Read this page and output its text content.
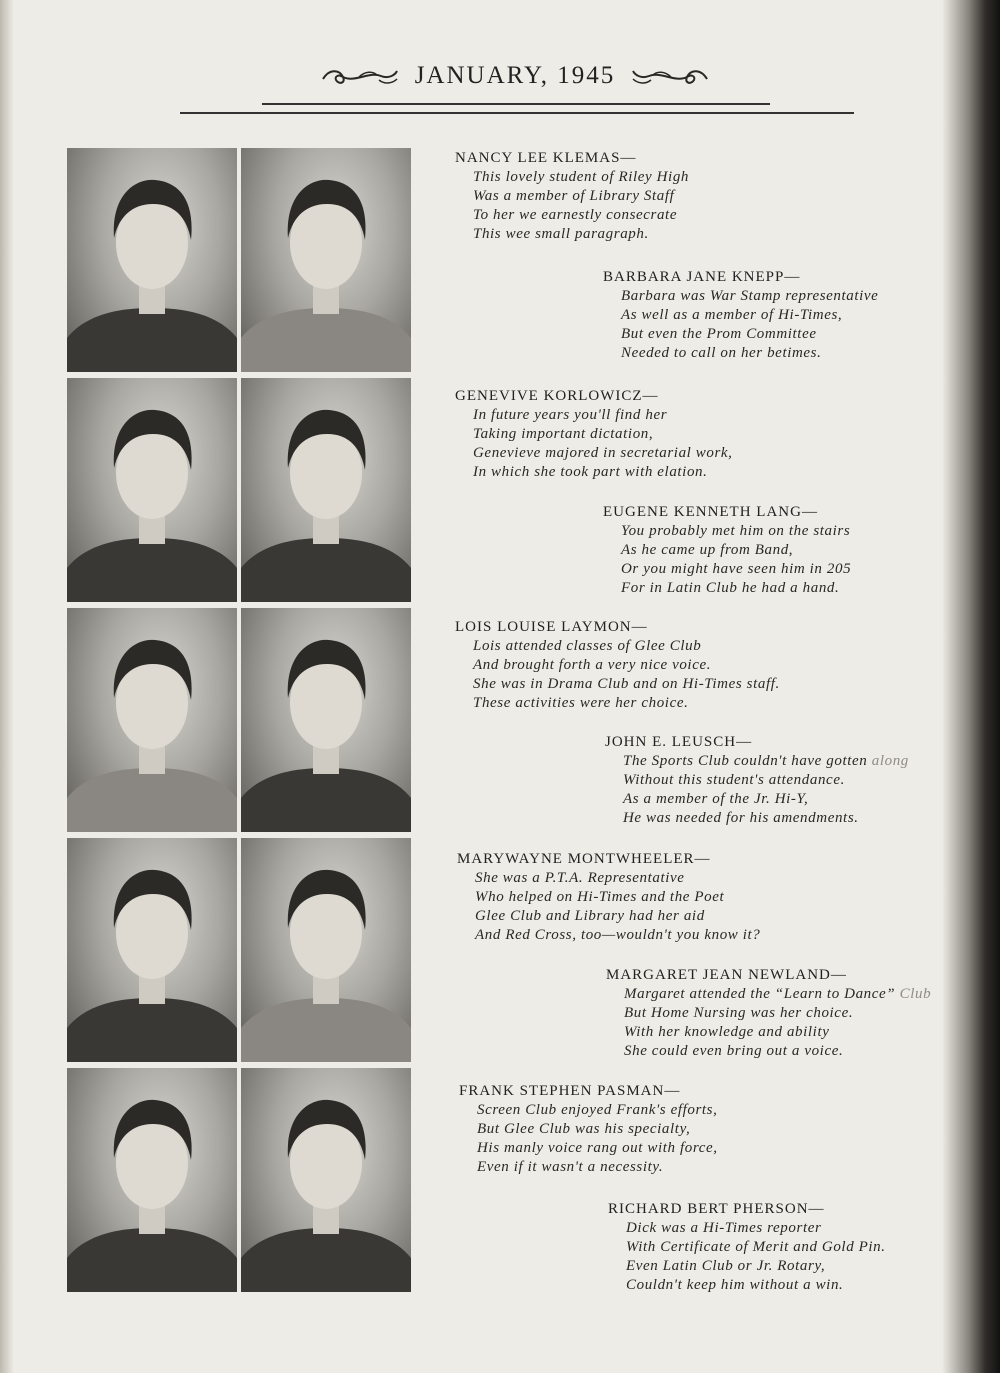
JANUARY, 1945
NANCY LEE KLEMAS—
This lovely student of Riley High
Was a member of Library Staff
To her we earnestly consecrate
This wee small paragraph.
BARBARA JANE KNEPP—
Barbara was War Stamp representative
As well as a member of Hi-Times,
But even the Prom Committee
Needed to call on her betimes.
GENEVIVE KORLOWICZ—
In future years you'll find her
Taking important dictation,
Genevieve majored in secretarial work,
In which she took part with elation.
EUGENE KENNETH LANG—
You probably met him on the stairs
As he came up from Band,
Or you might have seen him in 205
For in Latin Club he had a hand.
LOIS LOUISE LAYMON—
Lois attended classes of Glee Club
And brought forth a very nice voice.
She was in Drama Club and on Hi-Times staff.
These activities were her choice.
JOHN E. LEUSCH—
The Sports Club couldn't have gotten along
Without this student's attendance.
As a member of the Jr. Hi-Y,
He was needed for his amendments.
MARYWAYNE MONTWHEELER—
She was a P.T.A. Representative
Who helped on Hi-Times and the Poet
Glee Club and Library had her aid
And Red Cross, too—wouldn't you know it?
MARGARET JEAN NEWLAND—
Margaret attended the “Learn to Dance” Club
But Home Nursing was her choice.
With her knowledge and ability
She could even bring out a voice.
FRANK STEPHEN PASMAN—
Screen Club enjoyed Frank's efforts,
But Glee Club was his specialty,
His manly voice rang out with force,
Even if it wasn't a necessity.
RICHARD BERT PHERSON—
Dick was a Hi-Times reporter
With Certificate of Merit and Gold Pin.
Even Latin Club or Jr. Rotary,
Couldn't keep him without a win.
